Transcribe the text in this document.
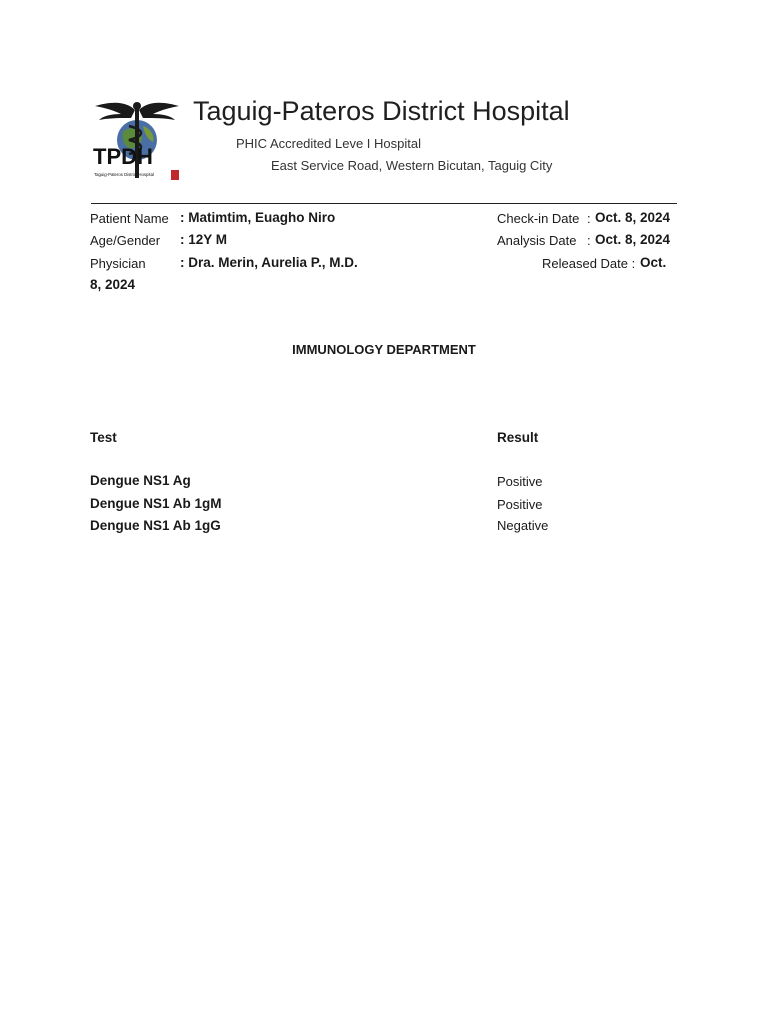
TPDH
Taguig-Pateros District Hospital
Taguig-Pateros District Hospital
PHIC Accredited Leve I Hospital
East Service Road, Western Bicutan, Taguig City
Patient Name : Matimtim, Euagho Niro
Age/Gender : 12Y M
Physician	: Dra. Merin, Aurelia P., M.D.
Check-in Date : Oct. 8, 2024
Analysis Date : Oct. 8, 2024
Released Date : Oct.
8, 2024
IMMUNOLOGY DEPARTMENT
Test	Result
Dengue NS1 Ag	Positive
Dengue NS1 Ab 1gM	Positive
Dengue NS1 Ab 1gG	Negative
